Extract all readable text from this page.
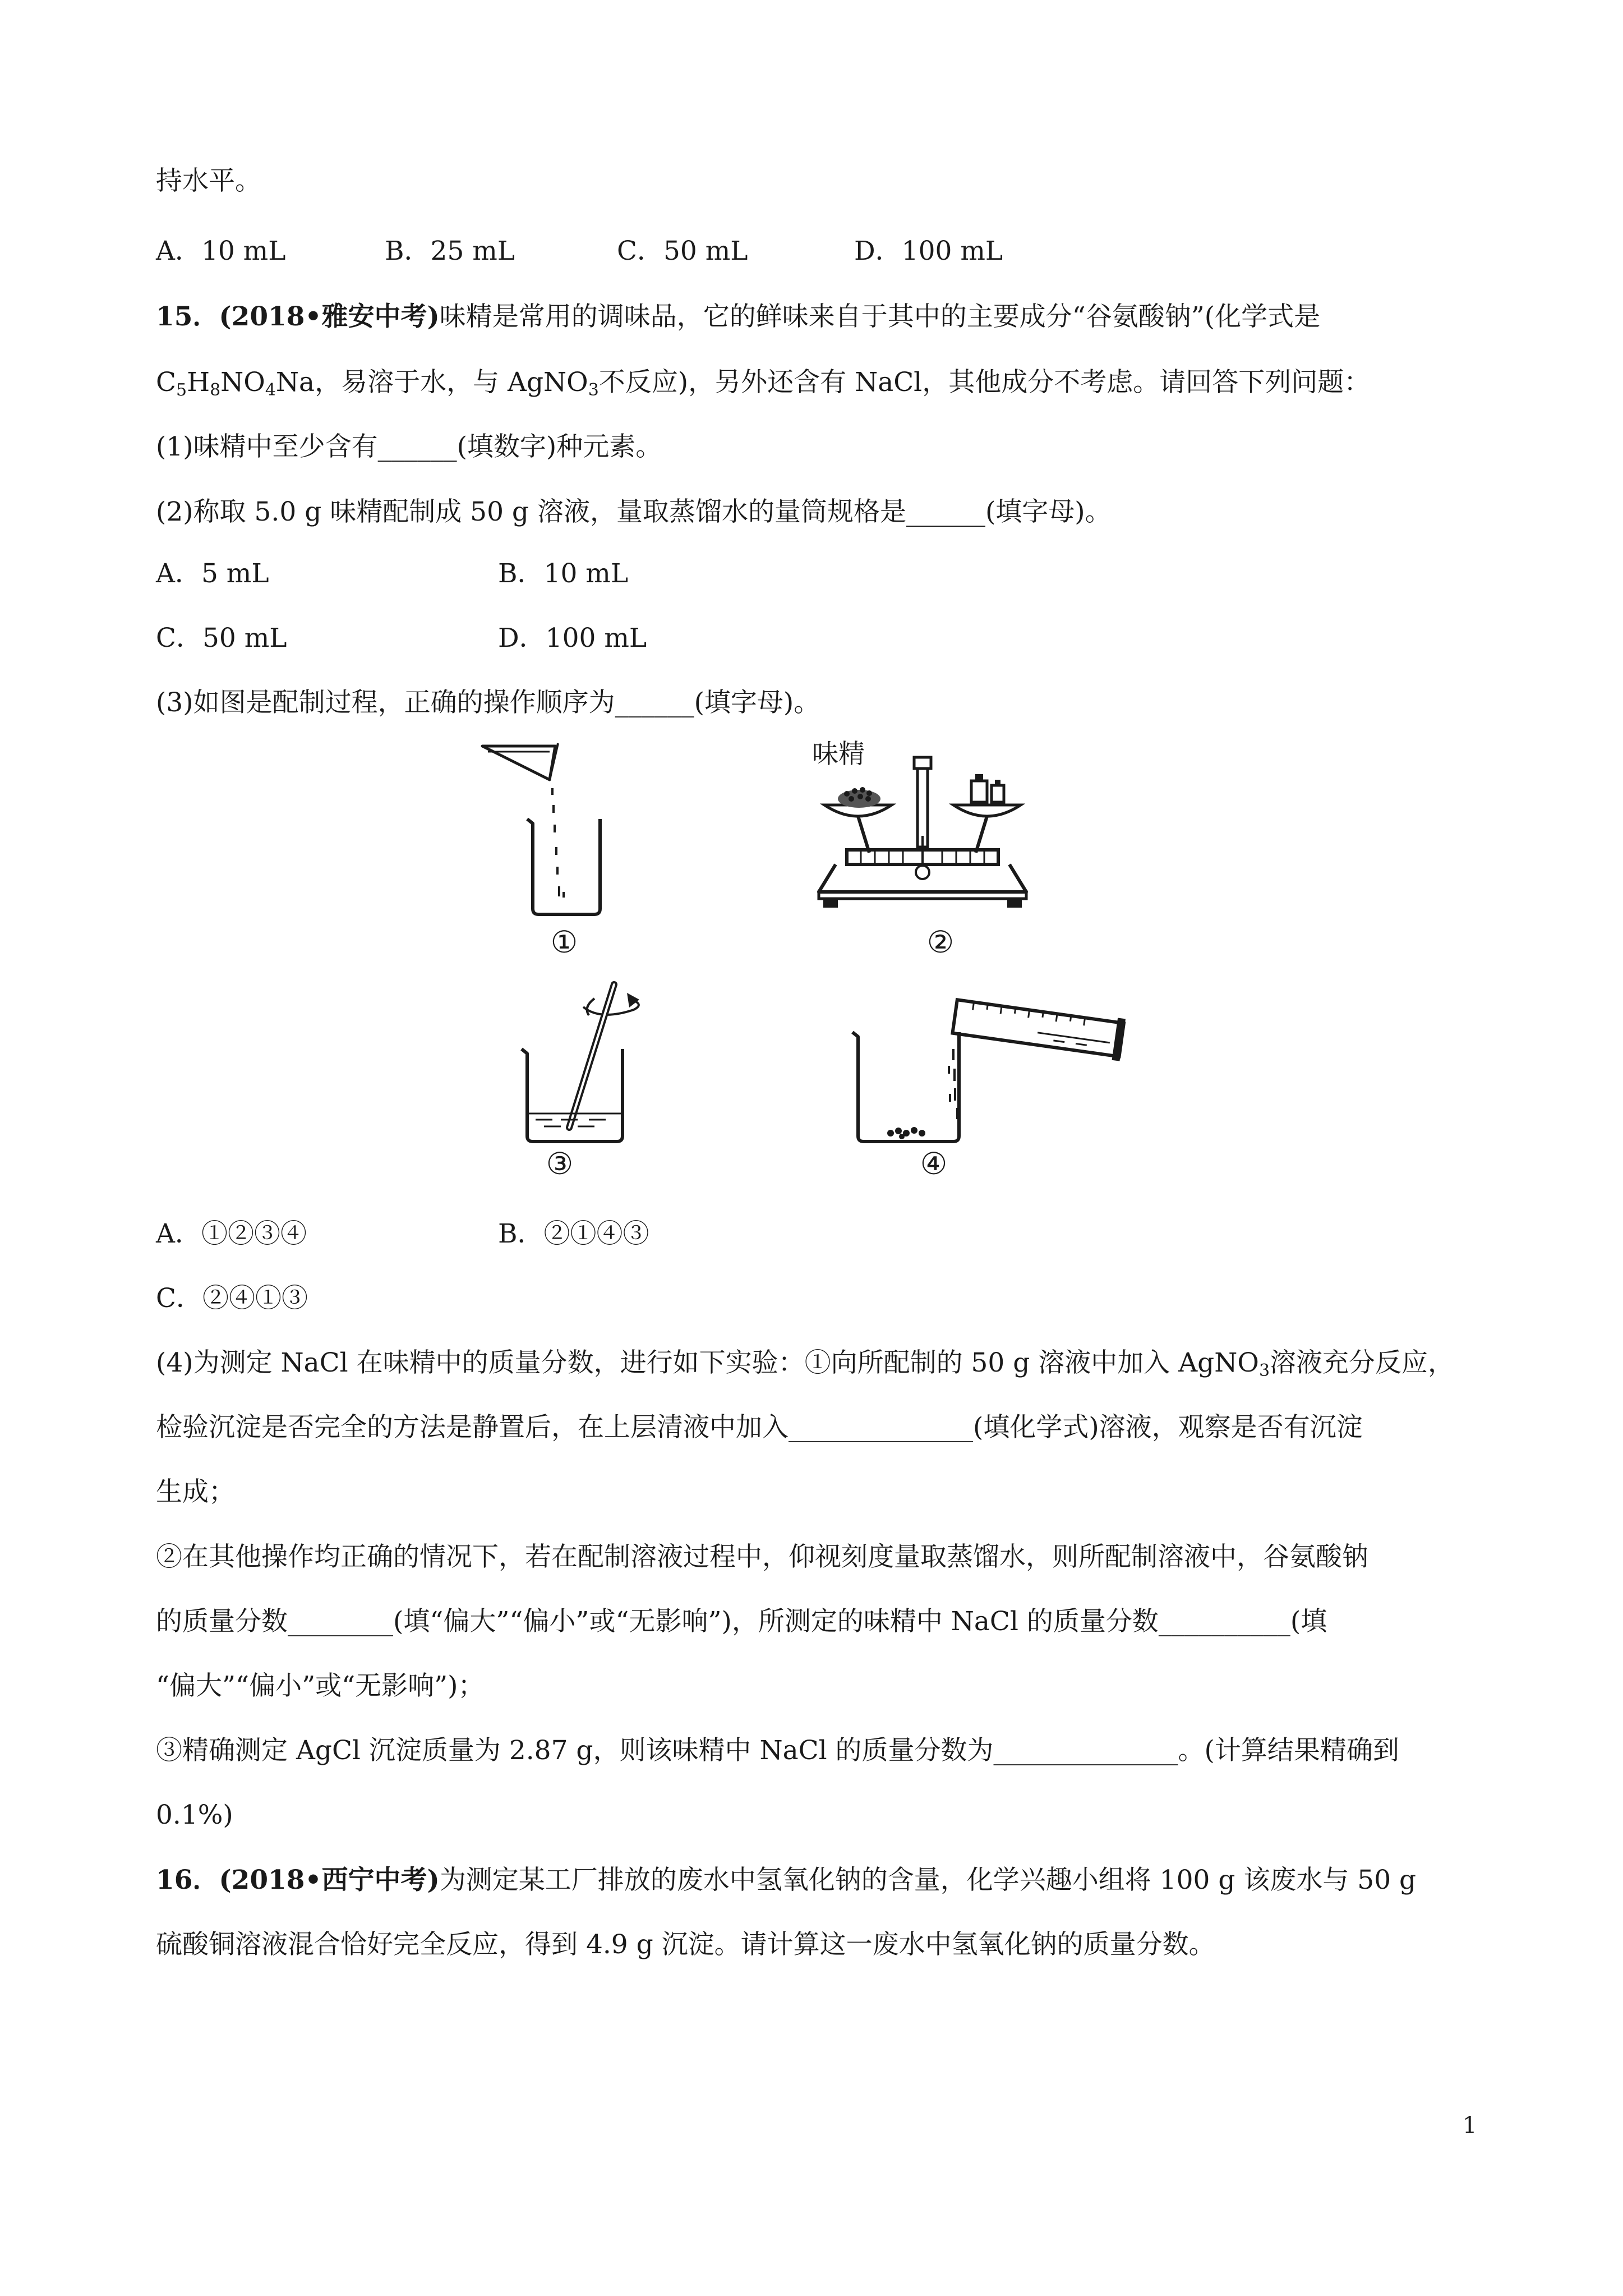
持水平。
A．10 mL	B．25 mL	C．50 mL	D．100 mL
15．(2018•雅安中考)味精是常用的调味品，它的鲜味来自于其中的主要成分“谷氨酸钠”(化学式是
$C_5H_8NO_4Na$，易溶于水，与 AgNO$_3$不反应)，另外还含有 NaCl，其他成分不考虑。请回答下列问题：
(1)味精中至少含有______(填数字)种元素。
(2)称取 5.0 g 味精配制成 50 g 溶液，量取蒸馏水的量筒规格是______(填字母)。
A．5 mL	B．10 mL
C．50 mL	D．100 mL
(3)如图是配制过程，正确的操作顺序为______(填字母)。
①
味精
②
③	④
A．①②③④	B．②①④③
C．②④①③
(4)为测定 NaCl 在味精中的质量分数，进行如下实验：①向所配制的 50 g 溶液中加入 AgNO$_3$溶液充分反应，
检验沉淀是否完全的方法是静置后，在上层清液中加入______________(填化学式)溶液，观察是否有沉淀
生成；
②在其他操作均正确的情况下，若在配制溶液过程中，仰视刻度量取蒸馏水，则所配制溶液中，谷氨酸钠
的质量分数________(填“偏大”“偏小”或“无影响”)，所测定的味精中 NaCl 的质量分数__________(填
“偏大”“偏小”或“无影响”)；
③精确测定 AgCl 沉淀质量为 2.87 g，则该味精中 NaCl 的质量分数为______________。(计算结果精确到
0.1%)
16．(2018•西宁中考)为测定某工厂排放的废水中氢氧化钠的含量，化学兴趣小组将 100 g 该废水与 50 g
硫酸铜溶液混合恰好完全反应，得到 4.9 g 沉淀。请计算这一废水中氢氧化钠的质量分数。
1
